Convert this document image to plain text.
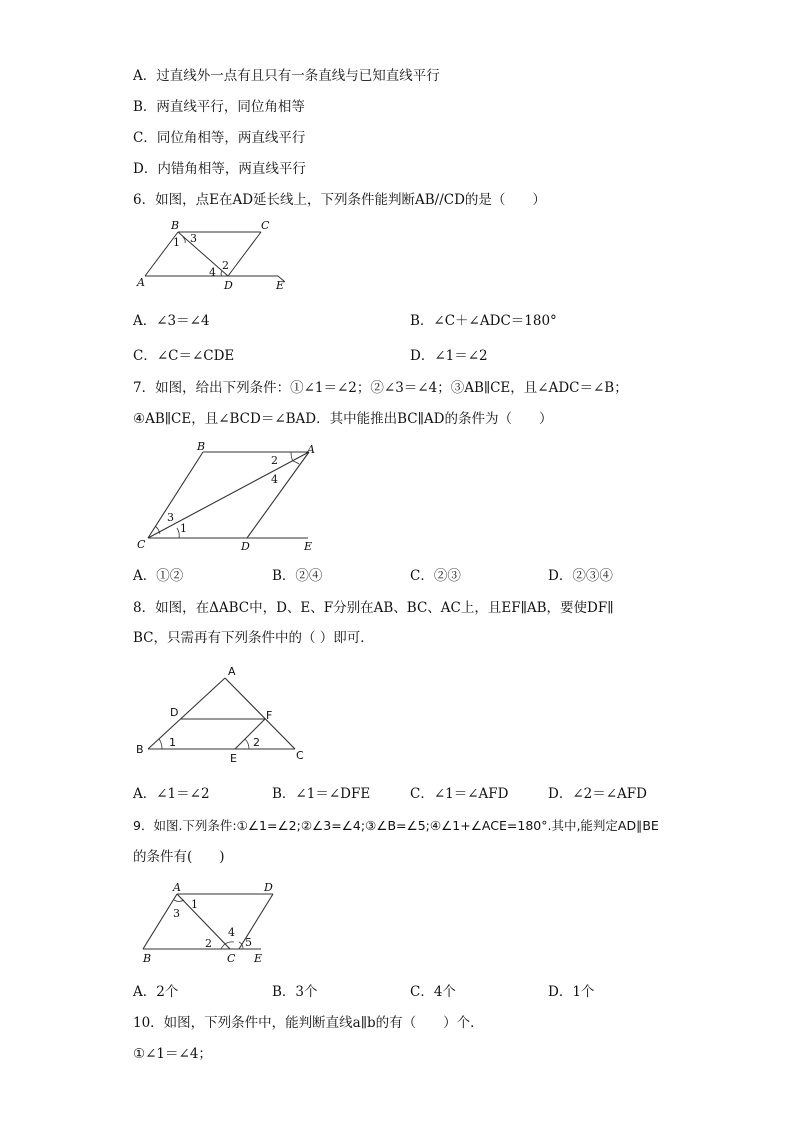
A．过直线外一点有且只有一条直线与已知直线平行
B．两直线平行，同位角相等
C．同位角相等，两直线平行
D．内错角相等，两直线平行
6．如图，点E在AD延长线上，下列条件能判断AB//CD的是（　　）
B	C
1 3
2
4
A	D	E
A．∠3＝∠4	B．∠C＋∠ADC＝180°
C．∠C＝∠CDE	D．∠1＝∠2
7．如图，给出下列条件：①∠1＝∠2；②∠3＝∠4；③AB∥CE，且∠ADC＝∠B；
④AB∥CE，且∠BCD＝∠BAD．其中能推出BC∥AD的条件为（　　）
B	A
2
4
3
1
C	D	E
A．①②	B．②④	C．②③	D．②③④
8．如图，在ΔABC中，D、E、F分别在AB、BC、AC上，且EF∥AB，要使DF∥
BC，只需再有下列条件中的（ ）即可．
A
D	F
B
1
E
2
C
A．∠1＝∠2	B．∠1＝∠DFE	C．∠1＝∠AFD	D．∠2＝∠AFD
9．如图.下列条件:①∠1=∠2;②∠3=∠4;③∠B=∠5;④∠1+∠ACE=180°.其中,能判定AD∥BE
的条件有(　　)
A	D
3
1
2
4
5
B	C E
A．2个	B．3个	C．4个	D．1个
10．如图，下列条件中，能判断直线a∥b的有（　　）个．
①∠1＝∠4；
